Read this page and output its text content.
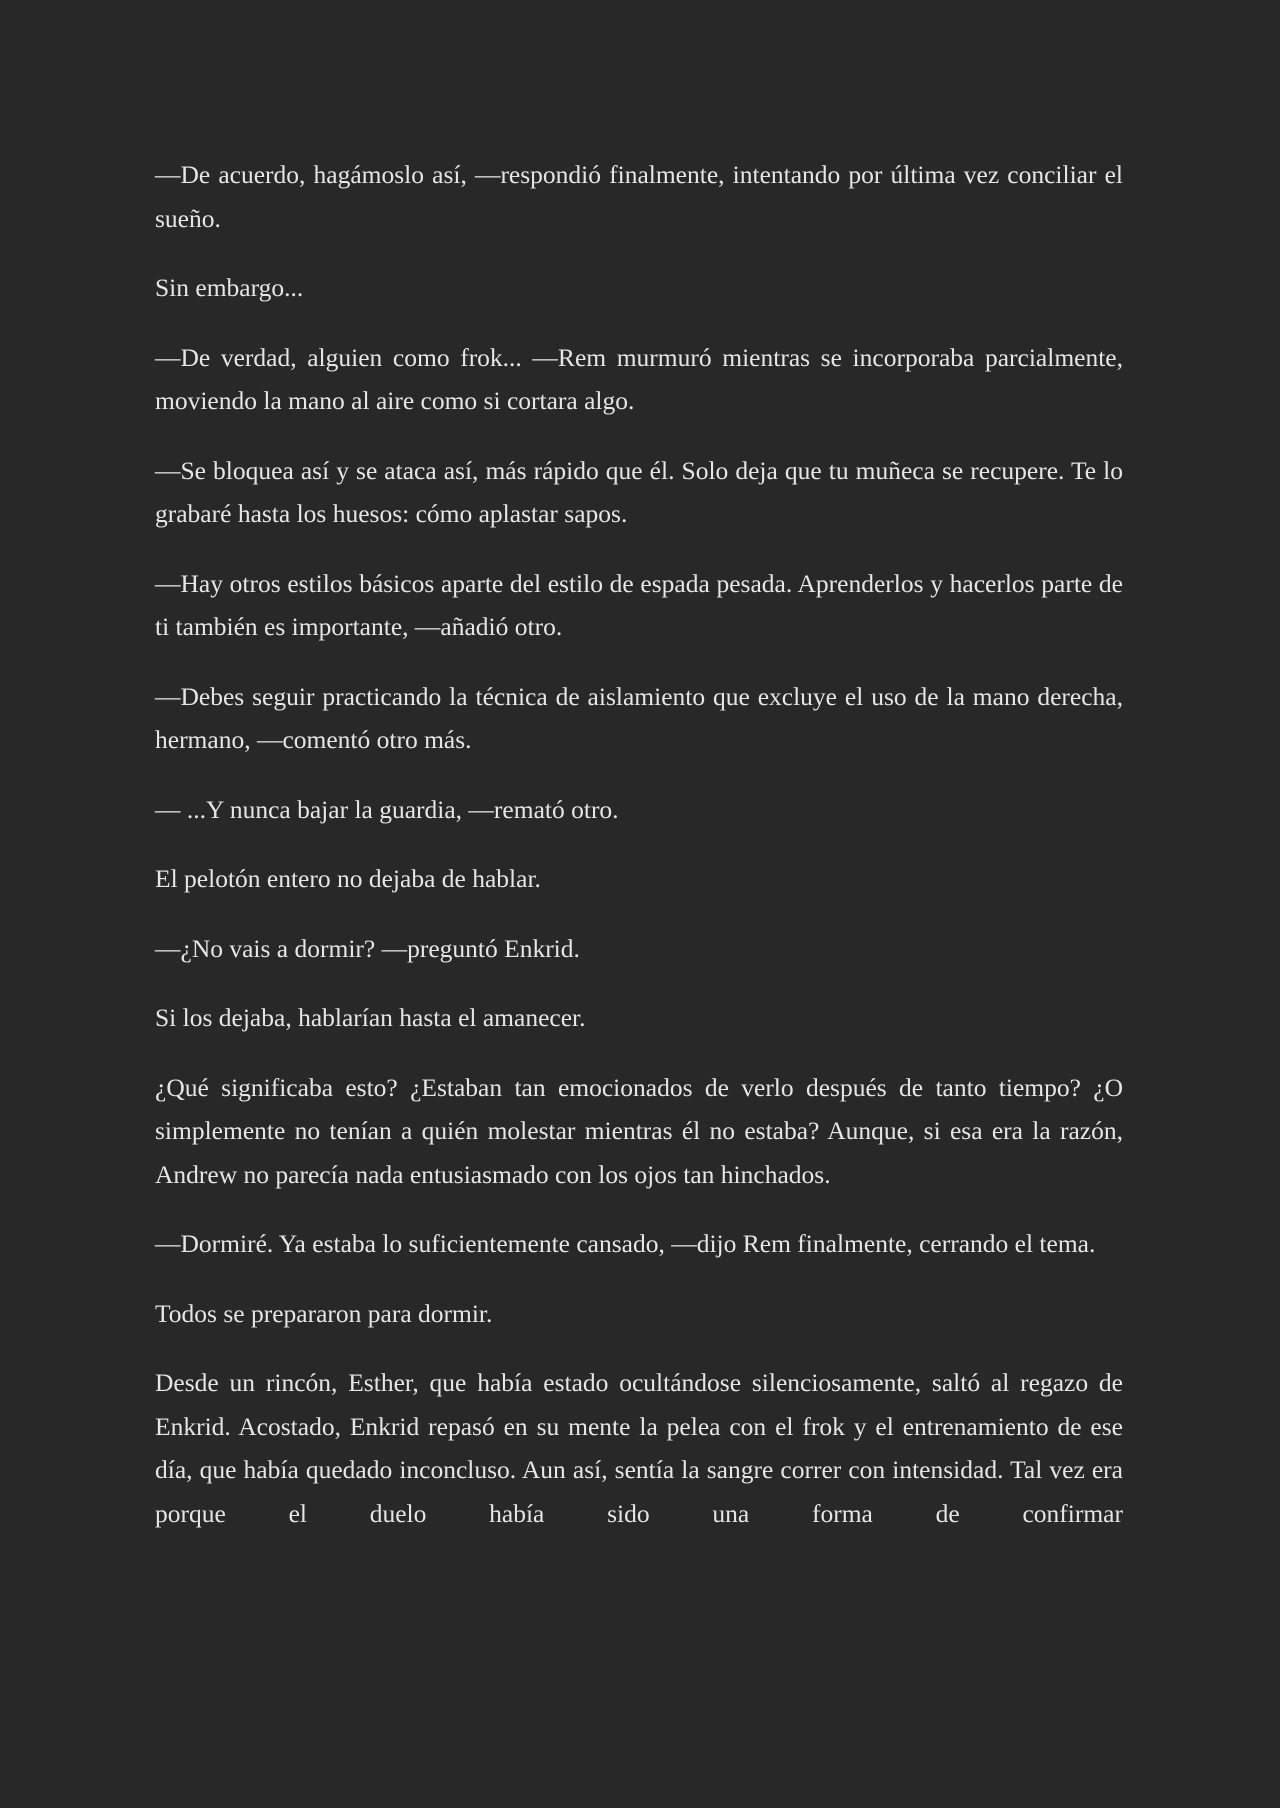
—De acuerdo, hagámoslo así, —respondió finalmente, intentando por última vez conciliar el sueño.

Sin embargo...

—De verdad, alguien como frok... —Rem murmuró mientras se incorporaba parcialmente, moviendo la mano al aire como si cortara algo.

—Se bloquea así y se ataca así, más rápido que él. Solo deja que tu muñeca se recupere. Te lo grabaré hasta los huesos: cómo aplastar sapos.

—Hay otros estilos básicos aparte del estilo de espada pesada. Aprenderlos y hacerlos parte de ti también es importante, —añadió otro.

—Debes seguir practicando la técnica de aislamiento que excluye el uso de la mano derecha, hermano, —comentó otro más.

— ...Y nunca bajar la guardia, —remató otro.

El pelotón entero no dejaba de hablar.

—¿No vais a dormir? —preguntó Enkrid.

Si los dejaba, hablarían hasta el amanecer.

¿Qué significaba esto? ¿Estaban tan emocionados de verlo después de tanto tiempo? ¿O simplemente no tenían a quién molestar mientras él no estaba? Aunque, si esa era la razón, Andrew no parecía nada entusiasmado con los ojos tan hinchados.

—Dormiré. Ya estaba lo suficientemente cansado, —dijo Rem finalmente, cerrando el tema.

Todos se prepararon para dormir.

Desde un rincón, Esther, que había estado ocultándose silenciosamente, saltó al regazo de Enkrid. Acostado, Enkrid repasó en su mente la pelea con el frok y el entrenamiento de ese día, que había quedado inconcluso. Aun así, sentía la sangre correr con intensidad. Tal vez era porque el duelo había sido una forma de confirmar
